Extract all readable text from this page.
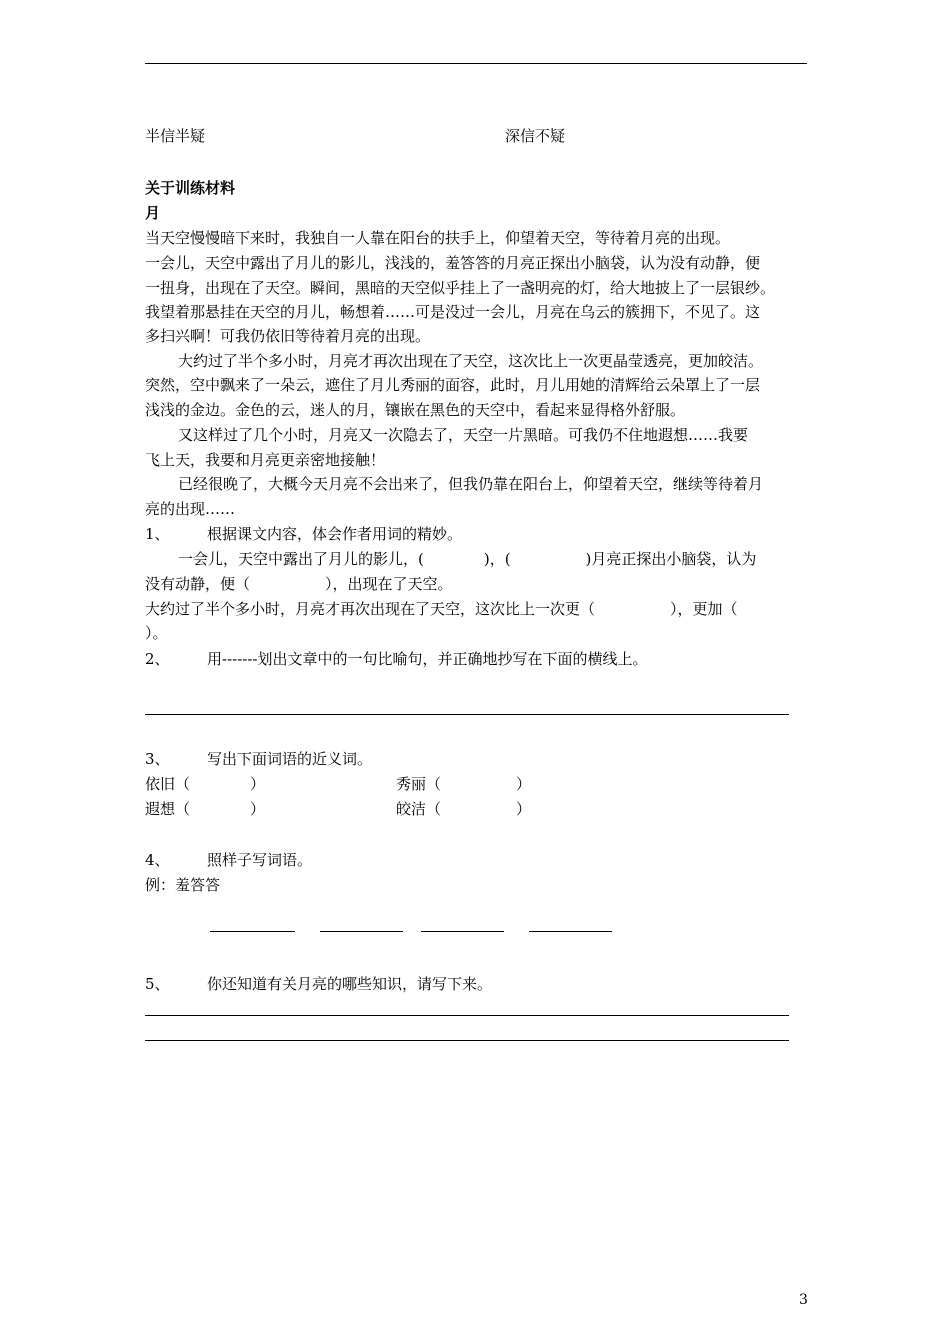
半信半疑	深信不疑
关于训练材料
月
当天空慢慢暗下来时，我独自一人靠在阳台的扶手上，仰望着天空，等待着月亮的出现。
一会儿，天空中露出了月儿的影儿，浅浅的，羞答答的月亮正探出小脑袋，认为没有动静，便
一扭身，出现在了天空。瞬间，黑暗的天空似乎挂上了一盏明亮的灯，给大地披上了一层银纱。
我望着那悬挂在天空的月儿，畅想着……可是没过一会儿，月亮在乌云的簇拥下，不见了。这
多扫兴啊！可我仍依旧等待着月亮的出现。
大约过了半个多小时，月亮才再次出现在了天空，这次比上一次更晶莹透亮，更加皎洁。
突然，空中飘来了一朵云，遮住了月儿秀丽的面容，此时，月儿用她的清辉给云朵罩上了一层
浅浅的金边。金色的云，迷人的月，镶嵌在黑色的天空中，看起来显得格外舒服。
又这样过了几个小时，月亮又一次隐去了，天空一片黑暗。可我仍不住地遐想……我要
飞上天，我要和月亮更亲密地接触！
已经很晚了，大概今天月亮不会出来了，但我仍靠在阳台上，仰望着天空，继续等待着月
亮的出现……
1、 根据课文内容，体会作者用词的精妙。
一会儿，天空中露出了月儿的影儿，(　　　　)，(　　　　　)月亮正探出小脑袋，认为
没有动静，便（　　　　　），出现在了天空。
大约过了半个多小时，月亮才再次出现在了天空，这次比上一次更（　　　　　），更加（
）。
2、 用-------划出文章中的一句比喻句，并正确地抄写在下面的横线上。
3、 写出下面词语的近义词。
依旧（　　　　）	秀丽（　　　　　）
遐想（　　　　）	皎洁（　　　　　）
4、 照样子写词语。
例：羞答答
5、 你还知道有关月亮的哪些知识，请写下来。
3
